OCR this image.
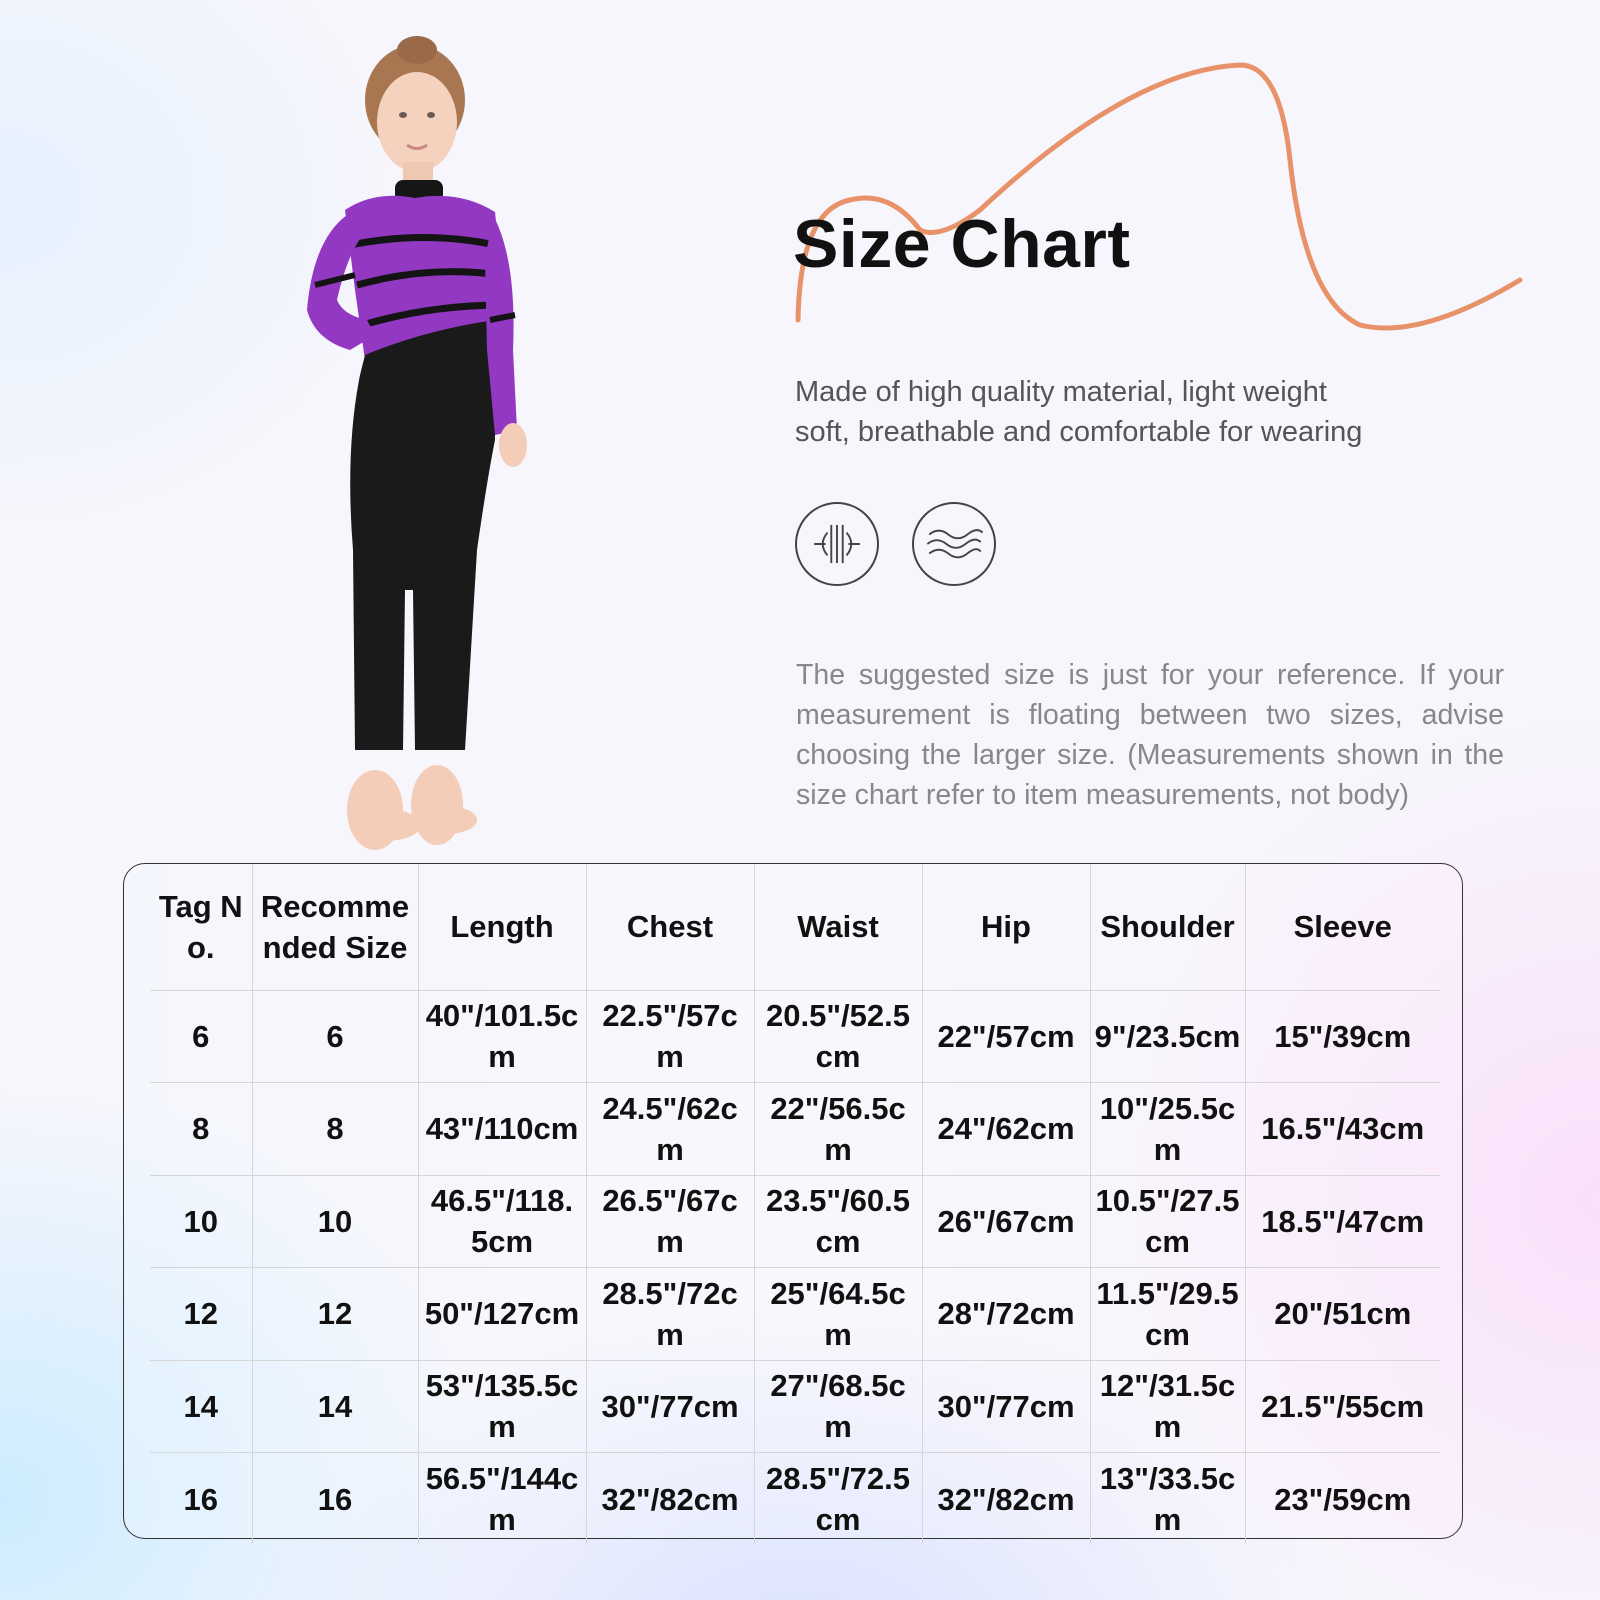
Size Chart
Made of high quality material, light weight
soft, breathable and comfortable for wearing
The suggested size is just for your reference. If your measurement is floating between two sizes, advise choosing the larger size. (Measurements shown in the size chart refer to item measurements, not body)
Tag No.	Recommended Size	Length	Chest	Waist	Hip	Shoulder	Sleeve
6	6	40"/101.5cm	22.5"/57cm	20.5"/52.5cm	22"/57cm	9"/23.5cm	15"/39cm
8	8	43"/110cm	24.5"/62cm	22"/56.5cm	24"/62cm	10"/25.5cm	16.5"/43cm
10	10	46.5"/118.5cm	26.5"/67cm	23.5"/60.5cm	26"/67cm	10.5"/27.5cm	18.5"/47cm
12	12	50"/127cm	28.5"/72cm	25"/64.5cm	28"/72cm	11.5"/29.5cm	20"/51cm
14	14	53"/135.5cm	30"/77cm	27"/68.5cm	30"/77cm	12"/31.5cm	21.5"/55cm
16	16	56.5"/144cm	32"/82cm	28.5"/72.5cm	32"/82cm	13"/33.5cm	23"/59cm
